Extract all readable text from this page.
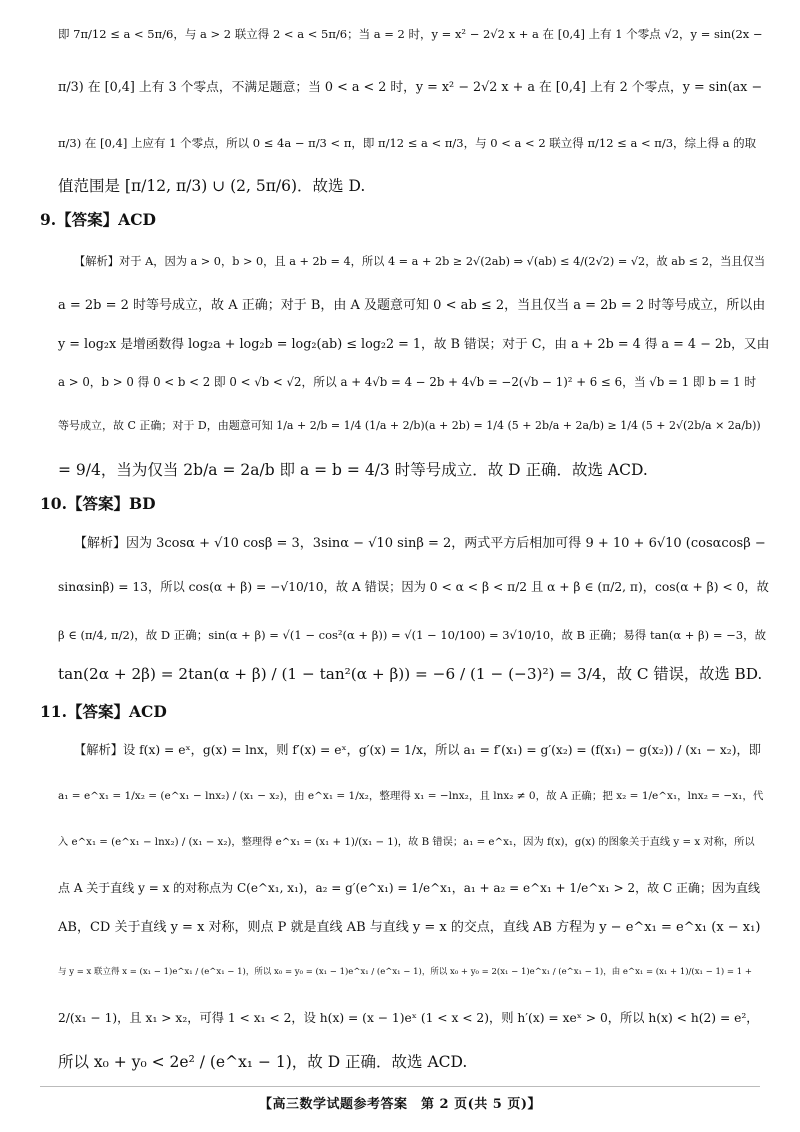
即 7π/12 ≤ a < 5π/6，与 a > 2 联立得 2 < a < 5π/6；当 a = 2 时，y = x² − 2√2 x + a 在 [0,4] 上有 1 个零点 √2，y = sin(2x −
π/3) 在 [0,4] 上有 3 个零点，不满足题意；当 0 < a < 2 时，y = x² − 2√2 x + a 在 [0,4] 上有 2 个零点，y = sin(ax −
π/3) 在 [0,4] 上应有 1 个零点，所以 0 ≤ 4a − π/3 < π，即 π/12 ≤ a < π/3，与 0 < a < 2 联立得 π/12 ≤ a < π/3，综上得 a 的取
值范围是 [π/12, π/3) ∪ (2, 5π/6)．故选 D.
9.【答案】ACD
【解析】对于 A，因为 a > 0，b > 0，且 a + 2b = 4，所以 4 = a + 2b ≥ 2√(2ab) ⇒ √(ab) ≤ 4/(2√2) = √2，故 ab ≤ 2，当且仅当
a = 2b = 2 时等号成立，故 A 正确；对于 B，由 A 及题意可知 0 < ab ≤ 2，当且仅当 a = 2b = 2 时等号成立，所以由
y = log₂x 是增函数得 log₂a + log₂b = log₂(ab) ≤ log₂2 = 1，故 B 错误；对于 C，由 a + 2b = 4 得 a = 4 − 2b，又由
a > 0，b > 0 得 0 < b < 2 即 0 < √b < √2，所以 a + 4√b = 4 − 2b + 4√b = −2(√b − 1)² + 6 ≤ 6，当 √b = 1 即 b = 1 时
等号成立，故 C 正确；对于 D，由题意可知 1/a + 2/b = 1/4 (1/a + 2/b)(a + 2b) = 1/4 (5 + 2b/a + 2a/b) ≥ 1/4 (5 + 2√(2b/a × 2a/b))
= 9/4，当为仅当 2b/a = 2a/b 即 a = b = 4/3 时等号成立．故 D 正确．故选 ACD.
10.【答案】BD
【解析】因为 3cosα + √10 cosβ = 3，3sinα − √10 sinβ = 2，两式平方后相加可得 9 + 10 + 6√10 (cosαcosβ −
sinαsinβ) = 13，所以 cos(α + β) = −√10/10，故 A 错误；因为 0 < α < β < π/2 且 α + β ∈ (π/2, π)，cos(α + β) < 0，故
β ∈ (π/4, π/2)，故 D 正确；sin(α + β) = √(1 − cos²(α + β)) = √(1 − 10/100) = 3√10/10，故 B 正确；易得 tan(α + β) = −3，故
tan(2α + 2β) = 2tan(α + β) / (1 − tan²(α + β)) = −6 / (1 − (−3)²) = 3/4，故 C 错误，故选 BD.
11.【答案】ACD
【解析】设 f(x) = eˣ，g(x) = lnx，则 f′(x) = eˣ，g′(x) = 1/x，所以 a₁ = f′(x₁) = g′(x₂) = (f(x₁) − g(x₂)) / (x₁ − x₂)，即
a₁ = e^x₁ = 1/x₂ = (e^x₁ − lnx₂) / (x₁ − x₂)，由 e^x₁ = 1/x₂，整理得 x₁ = −lnx₂，且 lnx₂ ≠ 0，故 A 正确；把 x₂ = 1/e^x₁，lnx₂ = −x₁，代
入 e^x₁ = (e^x₁ − lnx₂) / (x₁ − x₂)，整理得 e^x₁ = (x₁ + 1)/(x₁ − 1)，故 B 错误；a₁ = e^x₁，因为 f(x)，g(x) 的图象关于直线 y = x 对称，所以
点 A 关于直线 y = x 的对称点为 C(e^x₁, x₁)，a₂ = g′(e^x₁) = 1/e^x₁，a₁ + a₂ = e^x₁ + 1/e^x₁ > 2，故 C 正确；因为直线
AB，CD 关于直线 y = x 对称，则点 P 就是直线 AB 与直线 y = x 的交点，直线 AB 方程为 y − e^x₁ = e^x₁ (x − x₁)
与 y = x 联立得 x = (x₁ − 1)e^x₁ / (e^x₁ − 1)，所以 x₀ = y₀ = (x₁ − 1)e^x₁ / (e^x₁ − 1)，所以 x₀ + y₀ = 2(x₁ − 1)e^x₁ / (e^x₁ − 1)，由 e^x₁ = (x₁ + 1)/(x₁ − 1) = 1 +
2/(x₁ − 1)，且 x₁ > x₂，可得 1 < x₁ < 2，设 h(x) = (x − 1)eˣ (1 < x < 2)，则 h′(x) = xeˣ > 0，所以 h(x) < h(2) = e²，
所以 x₀ + y₀ < 2e² / (e^x₁ − 1)，故 D 正确．故选 ACD.
【高三数学试题参考答案　第 2 页(共 5 页)】
